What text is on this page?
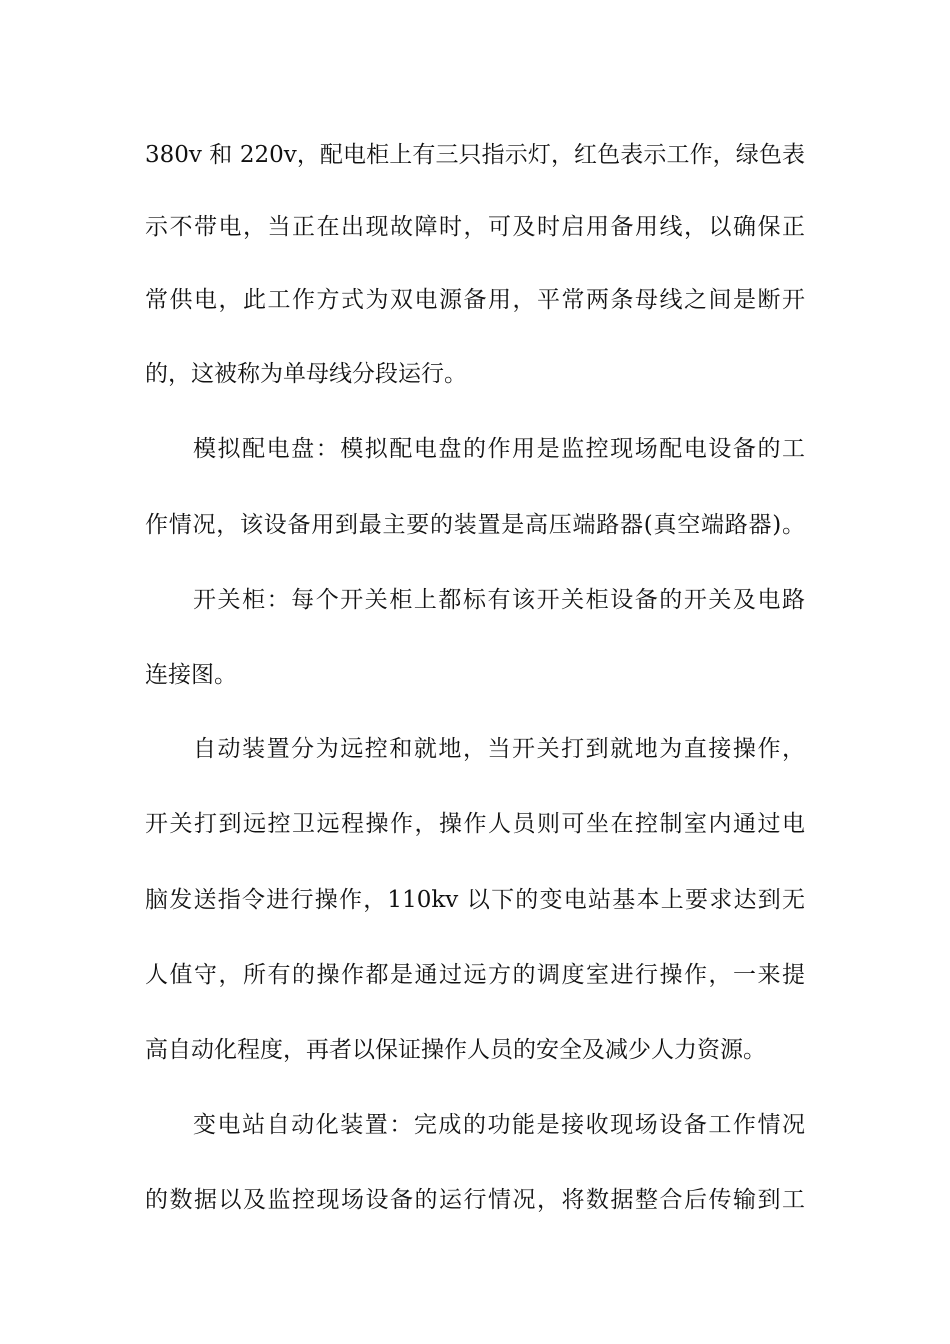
380v 和 220v，配电柜上有三只指示灯，红色表示工作，绿色表
示不带电，当正在出现故障时，可及时启用备用线，以确保正
常供电，此工作方式为双电源备用，平常两条母线之间是断开
的，这被称为单母线分段运行。
模拟配电盘：模拟配电盘的作用是监控现场配电设备的工
作情况，该设备用到最主要的装置是高压端路器(真空端路器)。
开关柜：每个开关柜上都标有该开关柜设备的开关及电路
连接图。
自动装置分为远控和就地，当开关打到就地为直接操作，
开关打到远控卫远程操作，操作人员则可坐在控制室内通过电
脑发送指令进行操作，110kv 以下的变电站基本上要求达到无
人值守，所有的操作都是通过远方的调度室进行操作，一来提
高自动化程度，再者以保证操作人员的安全及减少人力资源。
变电站自动化装置：完成的功能是接收现场设备工作情况
的数据以及监控现场设备的运行情况，将数据整合后传输到工
